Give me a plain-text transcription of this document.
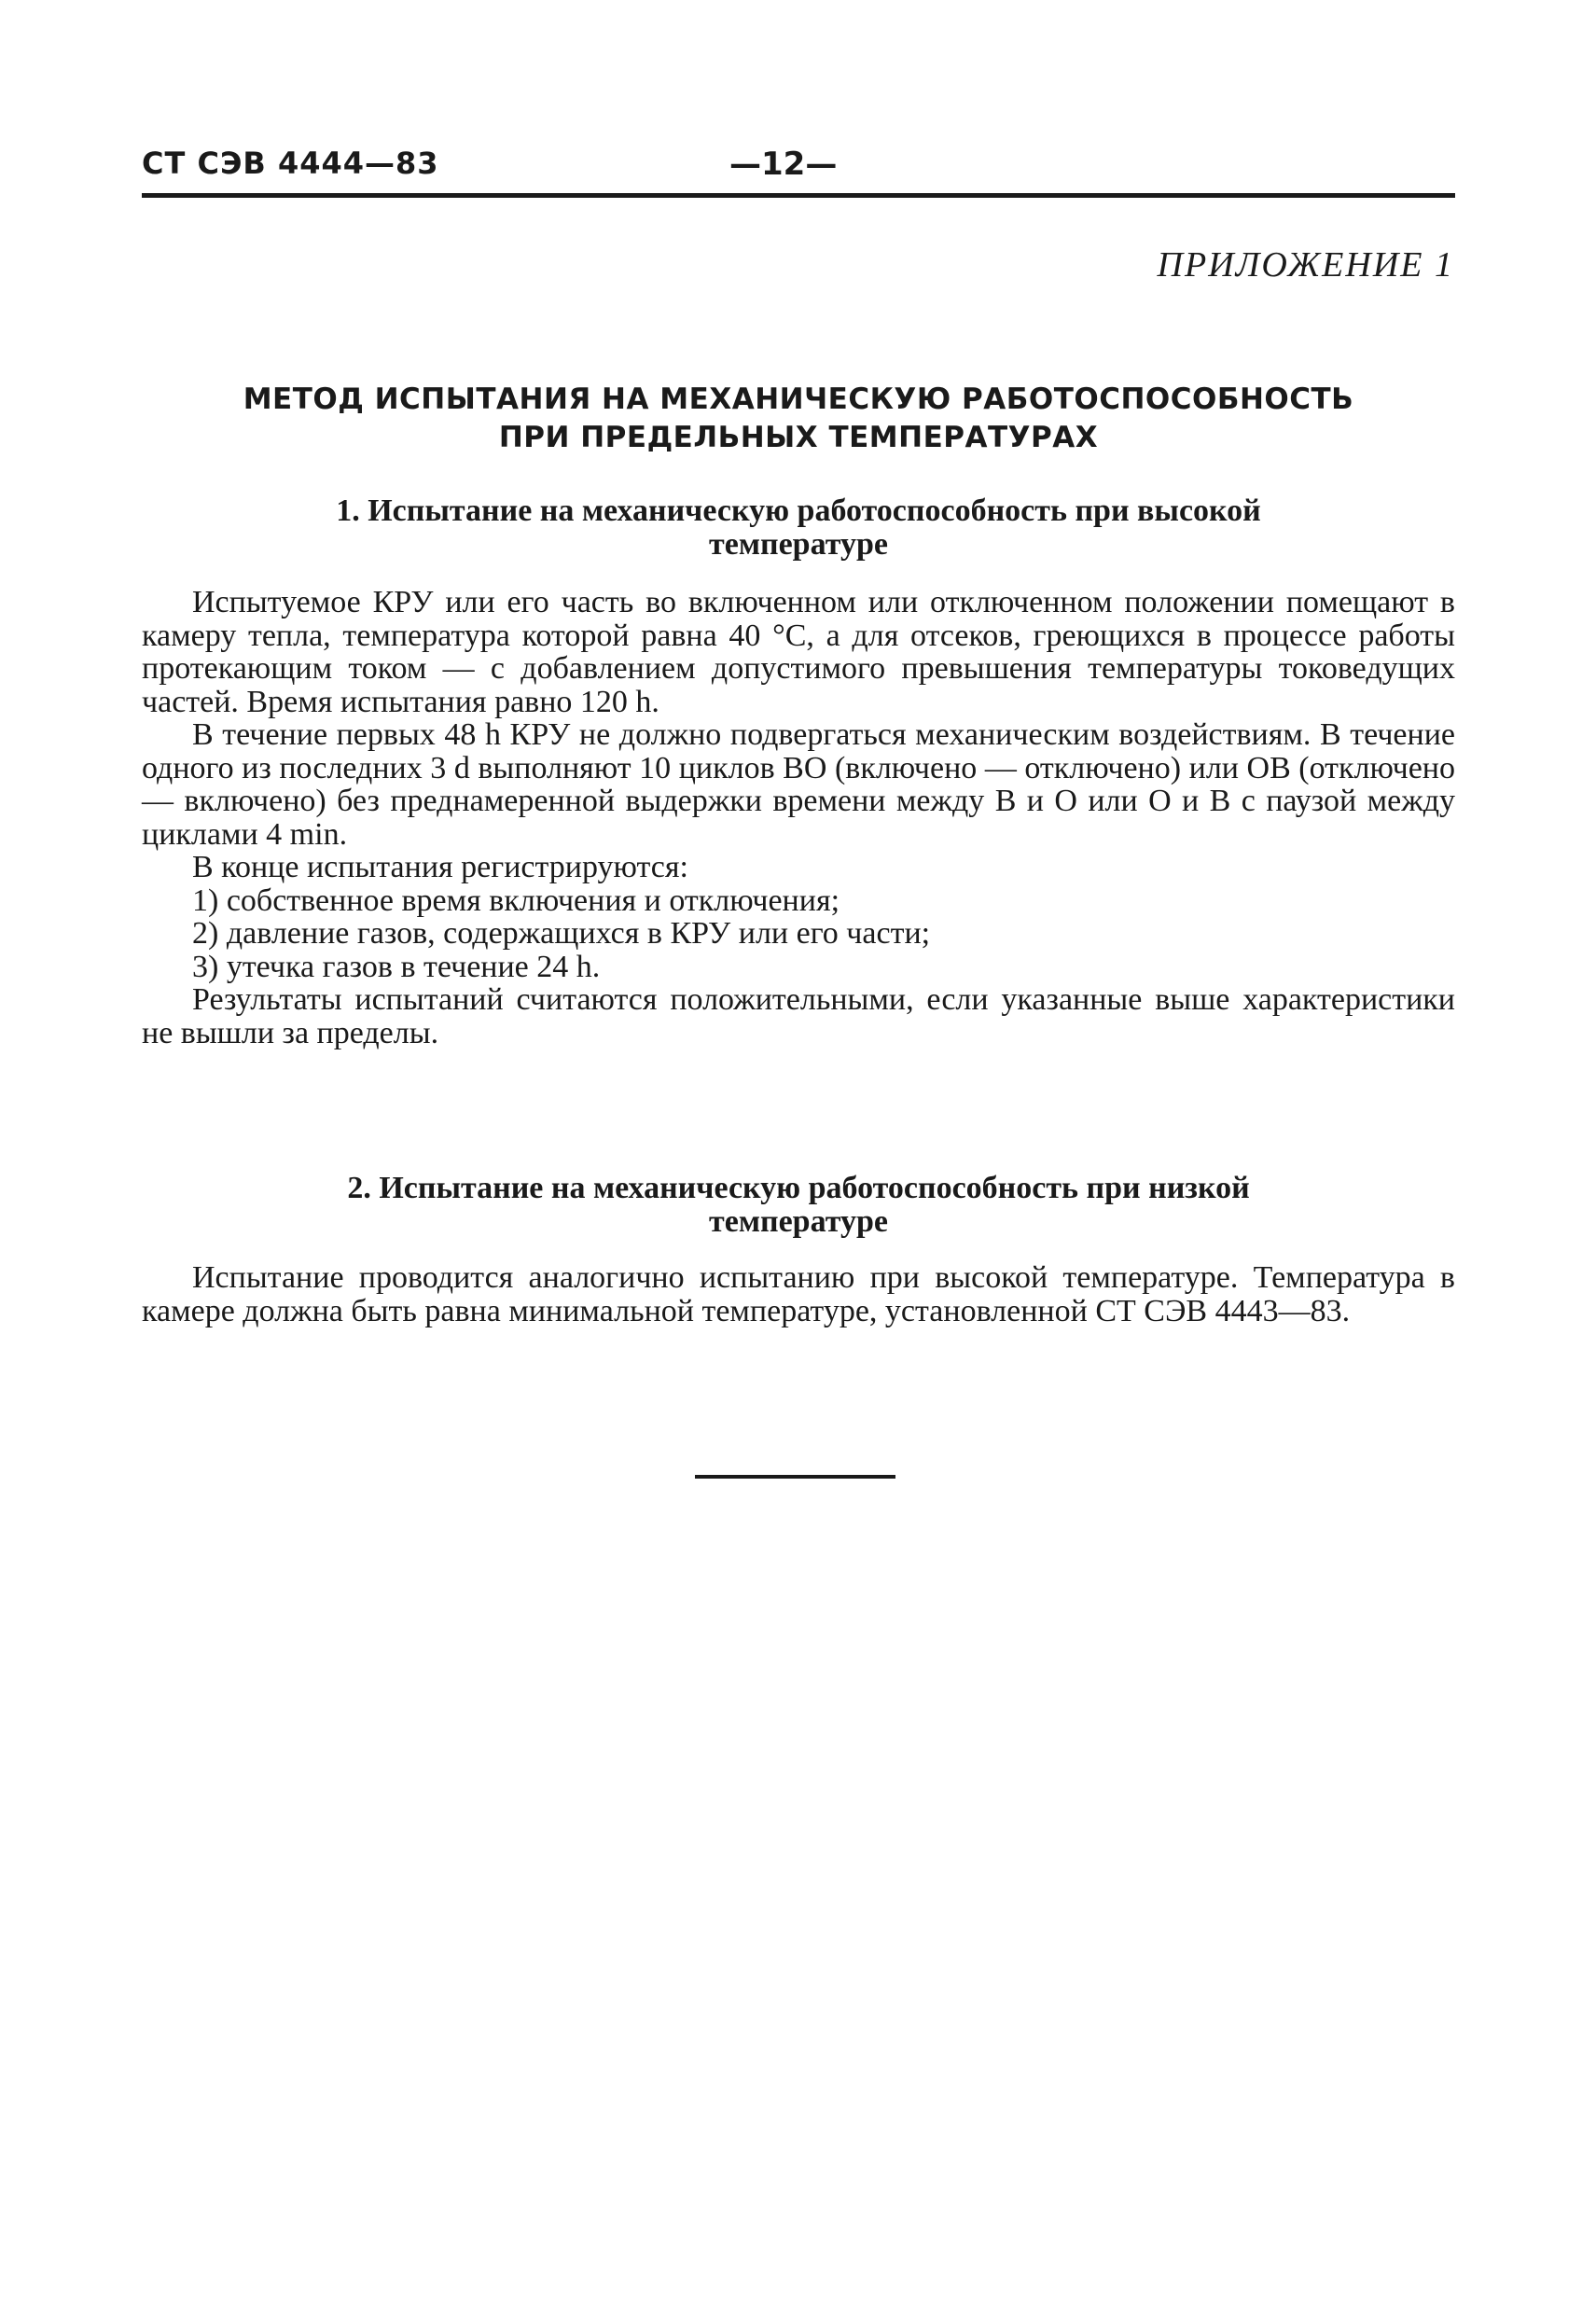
СТ СЭВ 4444—83	—12—
ПРИЛОЖЕНИЕ 1
МЕТОД ИСПЫТАНИЯ НА МЕХАНИЧЕСКУЮ РАБОТОСПОСОБНОСТЬ
ПРИ ПРЕДЕЛЬНЫХ ТЕМПЕРАТУРАХ
1. Испытание на механическую работоспособность при высокой
температуре

Испытуемое КРУ или его часть во включенном или отключенном положении помещают в камеру тепла, температура которой равна 40 °С, а для отсеков, греющихся в процессе работы протекающим током — с добавлением допустимого превышения температуры токоведущих частей. Время испытания равно 120 h.

В течение первых 48 h КРУ не должно подвергаться механическим воздействиям. В течение одного из последних 3 d выполняют 10 циклов ВО (включено — отключено) или ОВ (отключено — включено) без преднамеренной выдержки времени между В и О или О и В с паузой между циклами 4 min.

В конце испытания регистрируются:

1) собственное время включения и отключения;
2) давление газов, содержащихся в КРУ или его части;
3) утечка газов в течение 24 h.

Результаты испытаний считаются положительными, если указанные выше характеристики не вышли за пределы.

2. Испытание на механическую работоспособность при низкой
температуре

Испытание проводится аналогично испытанию при высокой температуре. Температура в камере должна быть равна минимальной температуре, установленной СТ СЭВ 4443—83.
